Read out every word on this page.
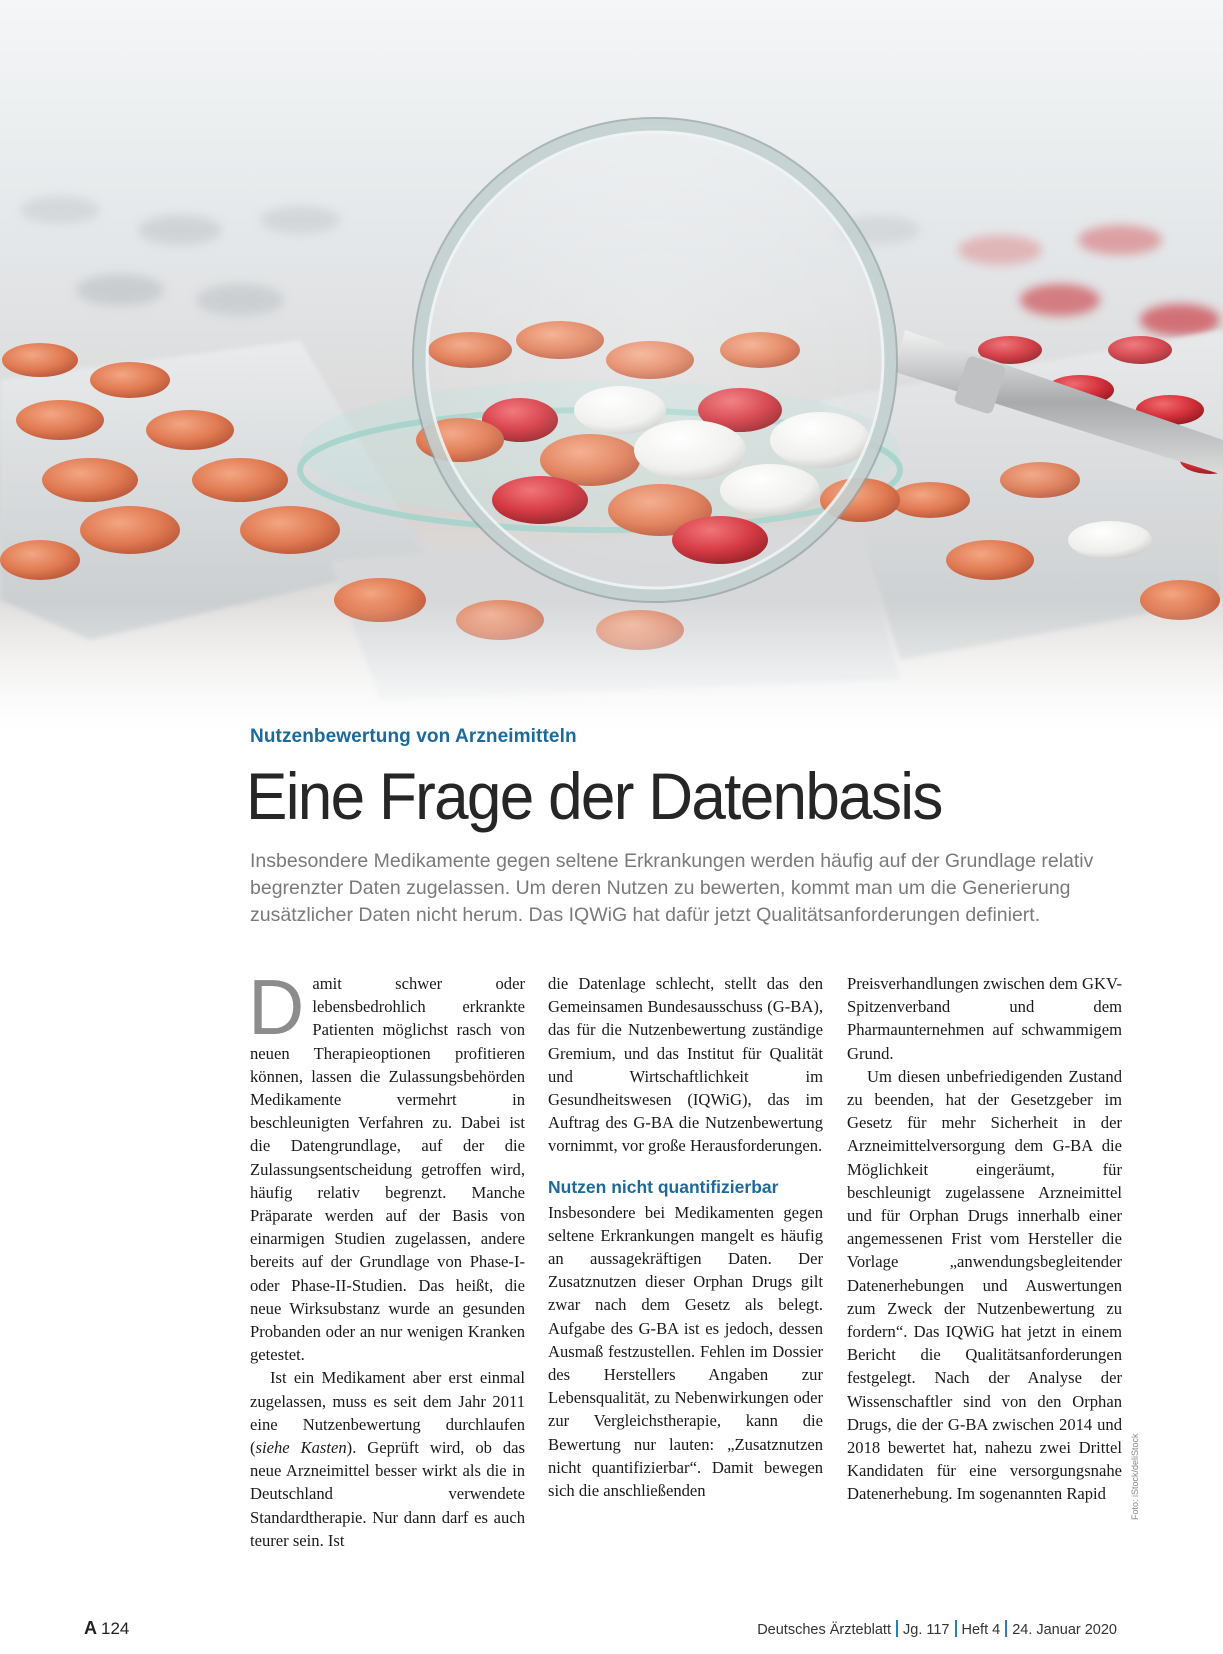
Nutzenbewertung von Arzneimitteln
Eine Frage der Datenbasis
Insbesondere Medikamente gegen seltene Erkrankungen werden häufig auf der Grundlage relativ
begrenzter Daten zugelassen. Um deren Nutzen zu bewerten, kommt man um die Generierung
zusätzlicher Daten nicht herum. Das IQWiG hat dafür jetzt Qualitätsanforderungen definiert.

Damit schwer oder lebensbedrohlich erkrankte Patienten möglichst rasch von neuen Therapieoptionen profitieren können, lassen die Zulassungsbehörden Medikamente vermehrt in beschleunigten Verfahren zu. Dabei ist die Datengrundlage, auf der die Zulassungsentscheidung getroffen wird, häufig relativ begrenzt. Manche Präparate werden auf der Basis von einarmigen Studien zugelassen, andere bereits auf der Grundlage von Phase-I- oder Phase-II-Studien. Das heißt, die neue Wirksubstanz wurde an gesunden Probanden oder an nur wenigen Kranken getestet.

Ist ein Medikament aber erst einmal zugelassen, muss es seit dem Jahr 2011 eine Nutzenbewertung durchlaufen (siehe Kasten). Geprüft wird, ob das neue Arzneimittel besser wirkt als die in Deutschland verwendete Standardtherapie. Nur dann darf es auch teurer sein. Ist

die Datenlage schlecht, stellt das den Gemeinsamen Bundesausschuss (G-BA), das für die Nutzenbewertung zuständige Gremium, und das Institut für Qualität und Wirtschaftlichkeit im Gesundheitswesen (IQWiG), das im Auftrag des G-BA die Nutzenbewertung vornimmt, vor große Herausforderungen.

Nutzen nicht quantifizierbar

Insbesondere bei Medikamenten gegen seltene Erkrankungen mangelt es häufig an aussagekräftigen Daten. Der Zusatznutzen dieser Orphan Drugs gilt zwar nach dem Gesetz als belegt. Aufgabe des G-BA ist es jedoch, dessen Ausmaß festzustellen. Fehlen im Dossier des Herstellers Angaben zur Lebensqualität, zu Nebenwirkungen oder zur Vergleichstherapie, kann die Bewertung nur lauten: „Zusatznutzen nicht quantifizierbar“. Damit bewegen sich die anschließenden

Preisverhandlungen zwischen dem GKV-Spitzenverband und dem Pharmaunternehmen auf schwammigem Grund.

Um diesen unbefriedigenden Zustand zu beenden, hat der Gesetzgeber im Gesetz für mehr Sicherheit in der Arzneimittelversorgung dem G-BA die Möglichkeit eingeräumt, für beschleunigt zugelassene Arzneimittel und für Orphan Drugs innerhalb einer angemessenen Frist vom Hersteller die Vorlage „anwendungsbegleitender Datenerhebungen und Auswertungen zum Zweck der Nutzenbewertung zu fordern“. Das IQWiG hat jetzt in einem Bericht die Qualitätsanforderungen festgelegt. Nach der Analyse der Wissenschaftler sind von den Orphan Drugs, die der G-BA zwischen 2014 und 2018 bewertet hat, nahezu zwei Drittel Kandidaten für eine versorgungsnahe Datenerhebung. Im sogenannten Rapid	Foto: iStock/deliStock
A 124	Deutsches Ärzteblatt Jg. 117 Heft 4 24. Januar 2020
